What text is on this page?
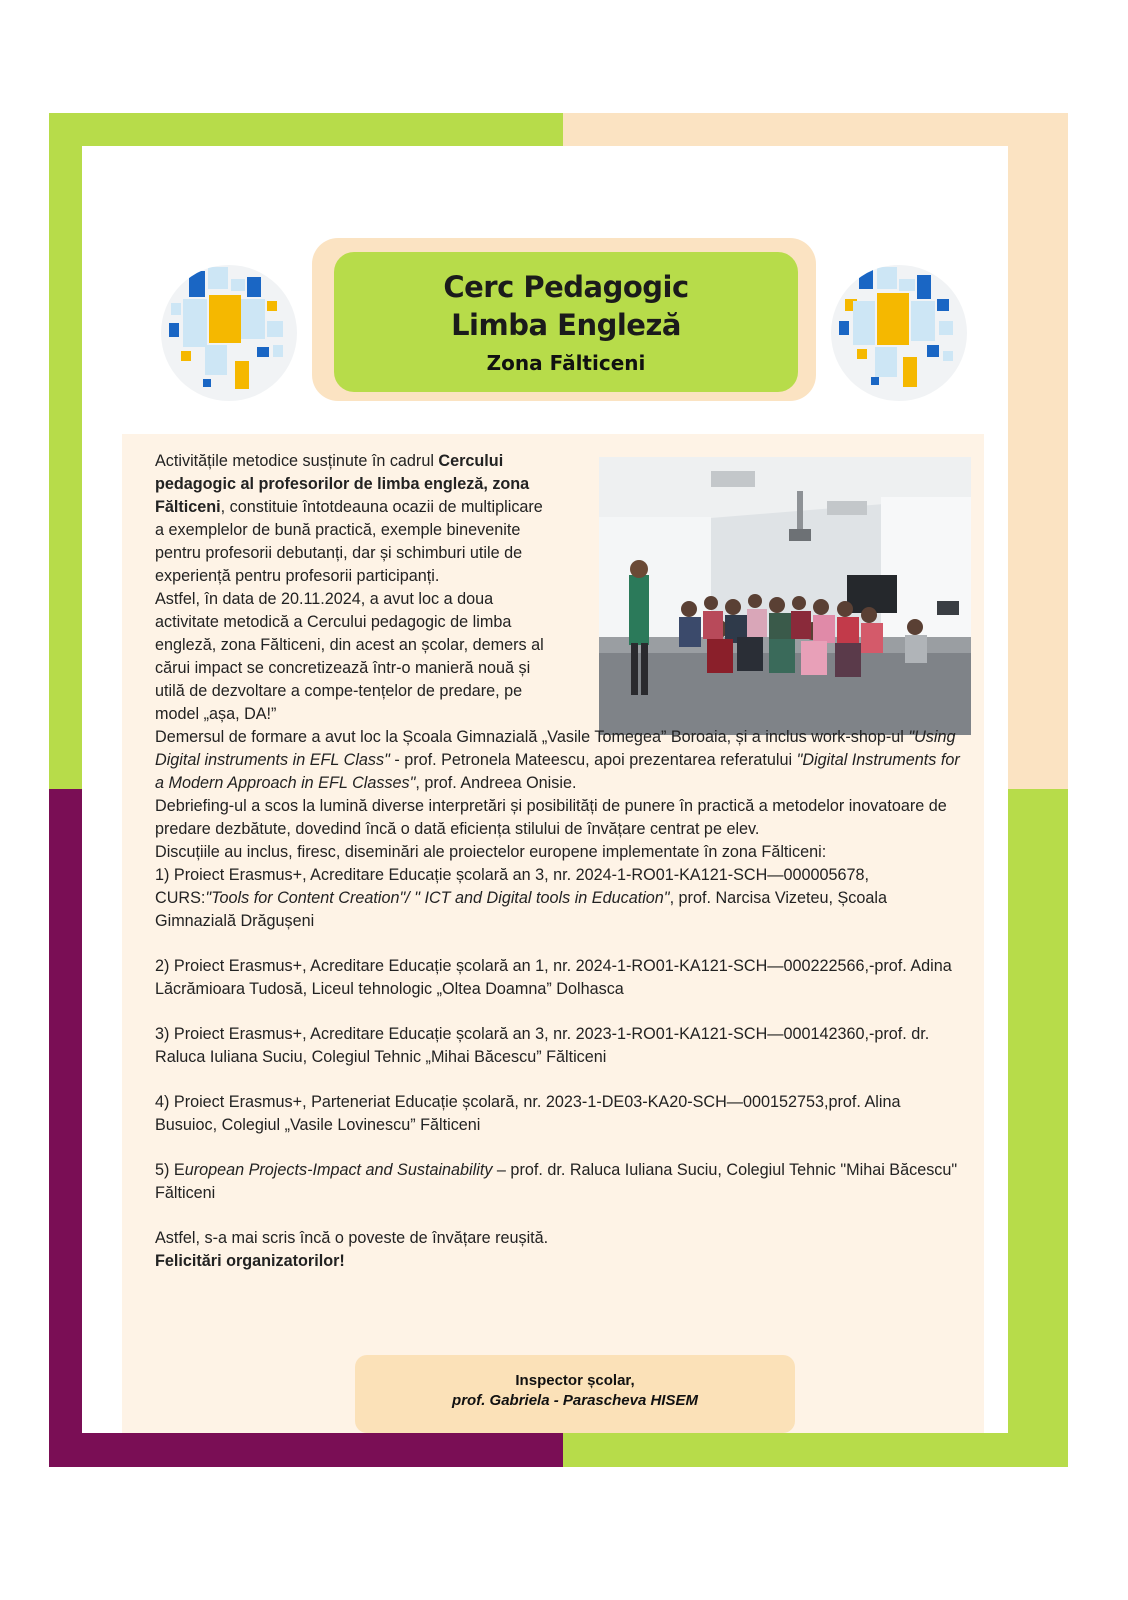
Cerc Pedagogic
Limba Engleză
Zona Fălticeni

Activitățile metodice susținute în cadrul Cercului pedagogic al profesorilor de limba engleză, zona Fălticeni, constituie întotdeauna ocazii de multiplicare a exemplelor de bună practică, exemple binevenite pentru profesorii debutanți, dar și schimburi utile de experiență pentru profesorii participanți.

Astfel, în data de 20.11.2024, a avut loc a doua activitate metodică a Cercului pedagogic de limba engleză, zona Fălticeni, din acest an școlar, demers al cărui impact se concretizează într-o manieră nouă și utilă de dezvoltare a compe-tențelor de predare, pe model „așa, DA!”

Demersul de formare a avut loc la Școala Gimnazială „Vasile Tomegea” Boroaia, și a inclus work-shop-ul "Using Digital instruments in EFL Class" - prof. Petronela Mateescu, apoi prezentarea referatului "Digital Instruments for a Modern Approach in EFL Classes", prof. Andreea Onisie.

Debriefing-ul a scos la lumină diverse interpretări și posibilități de punere în practică a metodelor inovatoare de predare dezbătute, dovedind încă o dată eficiența stilului de învățare centrat pe elev.

Discuțiile au inclus, firesc, diseminări ale proiectelor europene implementate în zona Fălticeni:

1) Proiect Erasmus+, Acreditare Educație școlară an 3, nr. 2024-1-RO01-KA121-SCH—000005678, CURS:"Tools for Content Creation"/ " ICT and Digital tools in Education", prof. Narcisa Vizeteu, Școala Gimnazială Drăgușeni

2) Proiect Erasmus+, Acreditare Educație școlară an 1, nr. 2024-1-RO01-KA121-SCH—000222566,-prof. Adina Lăcrămioara Tudosă, Liceul tehnologic „Oltea Doamna” Dolhasca

3) Proiect Erasmus+, Acreditare Educație școlară an 3, nr. 2023-1-RO01-KA121-SCH—000142360,-prof. dr. Raluca Iuliana Suciu, Colegiul Tehnic „Mihai Băcescu” Fălticeni

4) Proiect Erasmus+, Parteneriat Educație școlară, nr. 2023-1-DE03-KA20-SCH—000152753,prof. Alina Busuioc, Colegiul „Vasile Lovinescu” Fălticeni

5) European Projects-Impact and Sustainability – prof. dr. Raluca Iuliana Suciu, Colegiul Tehnic "Mihai Băcescu" Fălticeni

Astfel, s-a mai scris încă o poveste de învățare reușită.

Felicitări organizatorilor!

Inspector școlar,
prof. Gabriela - Parascheva HISEM
